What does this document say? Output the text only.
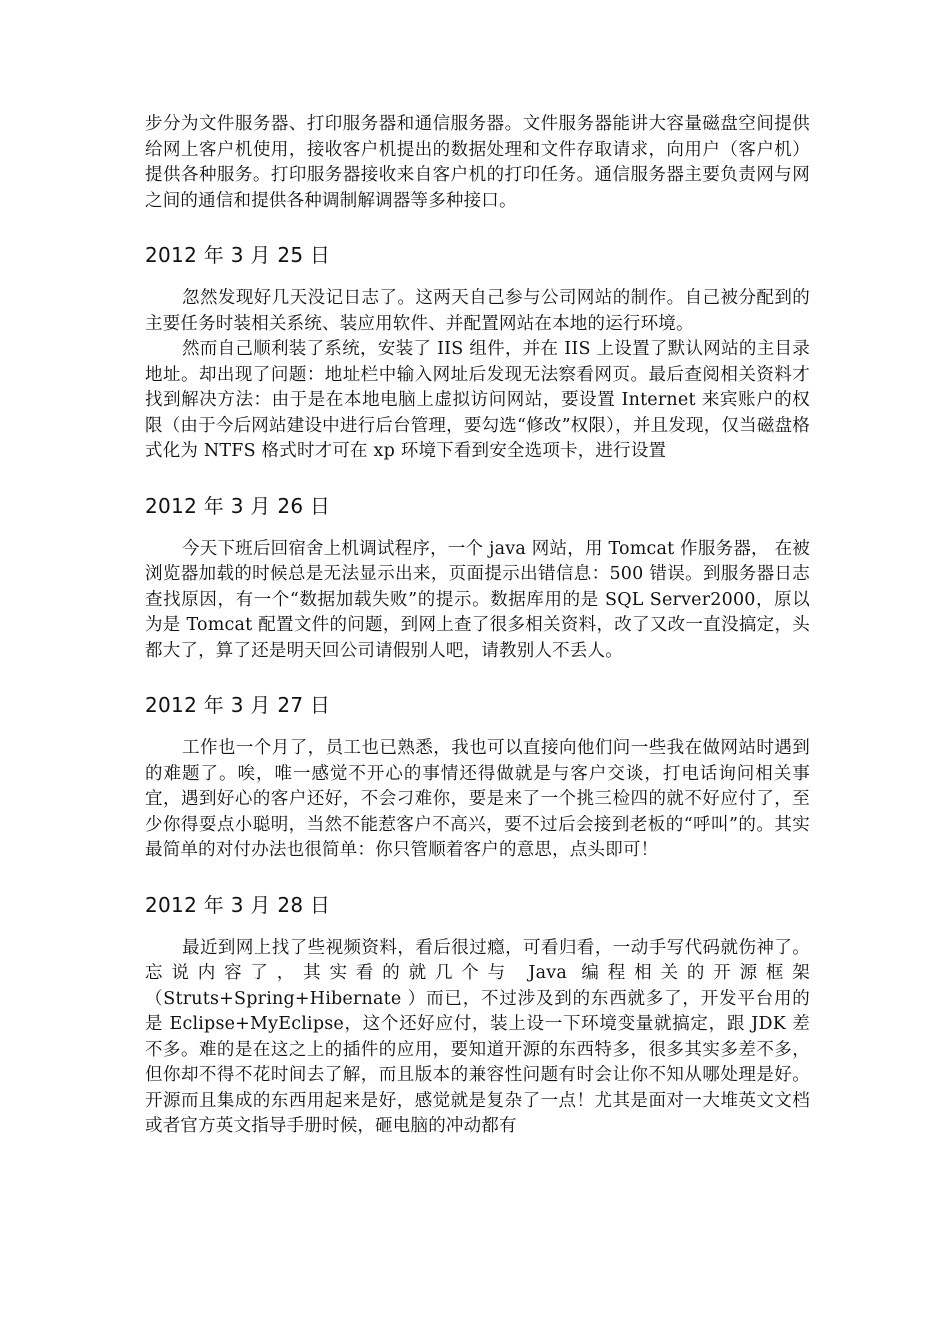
步分为文件服务器、打印服务器和通信服务器。文件服务器能讲大容量磁盘空间提供给网上客户机使用，接收客户机提出的数据处理和文件存取请求，向用户（客户机）提供各种服务。打印服务器接收来自客户机的打印任务。通信服务器主要负责网与网之间的通信和提供各种调制解调器等多种接口。

2012 年 3 月 25 日

忽然发现好几天没记日志了。这两天自己参与公司网站的制作。自己被分配到的主要任务时装相关系统、装应用软件、并配置网站在本地的运行环境。

然而自己顺利装了系统，安装了 IIS 组件，并在 IIS 上设置了默认网站的主目录地址。却出现了问题：地址栏中输入网址后发现无法察看网页。最后查阅相关资料才找到解决方法：由于是在本地电脑上虚拟访问网站，要设置 Internet 来宾账户的权限（由于今后网站建设中进行后台管理，要勾选“修改”权限），并且发现，仅当磁盘格式化为 NTFS 格式时才可在 xp 环境下看到安全选项卡，进行设置

2012 年 3 月 26 日

今天下班后回宿舍上机调试程序，一个 java 网站，用 Tomcat 作服务器， 在被浏览器加载的时候总是无法显示出来，页面提示出错信息：500 错误。到服务器日志查找原因，有一个“数据加载失败”的提示。数据库用的是 SQL Server2000，原以为是 Tomcat 配置文件的问题，到网上查了很多相关资料，改了又改一直没搞定，头都大了，算了还是明天回公司请假别人吧，请教别人不丢人。

2012 年 3 月 27 日

工作也一个月了，员工也已熟悉，我也可以直接向他们问一些我在做网站时遇到的难题了。唉，唯一感觉不开心的事情还得做就是与客户交谈，打电话询问相关事宜，遇到好心的客户还好，不会刁难你，要是来了一个挑三检四的就不好应付了，至少你得耍点小聪明，当然不能惹客户不高兴，要不过后会接到老板的“呼叫”的。其实最简单的对付办法也很简单：你只管顺着客户的意思，点头即可！

2012 年 3 月 28 日

最近到网上找了些视频资料，看后很过瘾，可看归看，一动手写代码就伤神了。忘说内容了，其实看的就几个与 Java 编程相关的开源框架（Struts+Spring+Hibernate ）而已，不过涉及到的东西就多了，开发平台用的是 Eclipse+MyEclipse，这个还好应付，装上设一下环境变量就搞定，跟 JDK 差不多。难的是在这之上的插件的应用，要知道开源的东西特多，很多其实多差不多，但你却不得不花时间去了解，而且版本的兼容性问题有时会让你不知从哪处理是好。开源而且集成的东西用起来是好，感觉就是复杂了一点！尤其是面对一大堆英文文档或者官方英文指导手册时候，砸电脑的冲动都有
